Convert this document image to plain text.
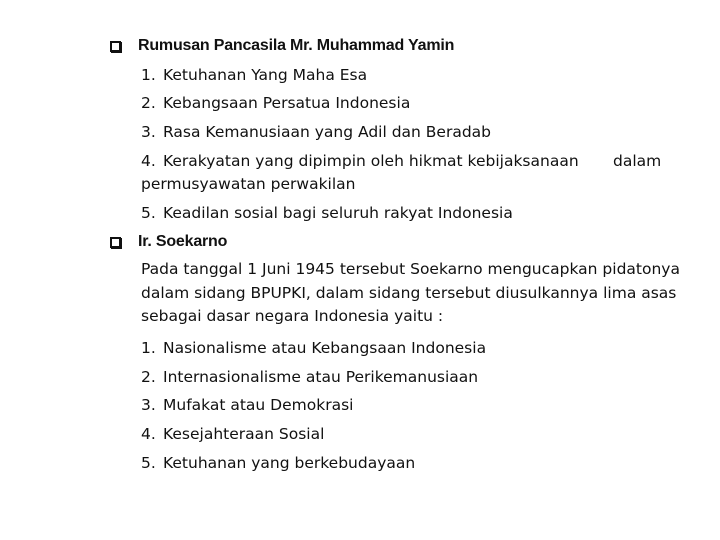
Rumusan Pancasila Mr. Muhammad Yamin
1. Ketuhanan Yang Maha Esa
2. Kebangsaan Persatua Indonesia
3. Rasa Kemanusiaan yang Adil dan Beradab
4. Kerakyatan yang dipimpin oleh hikmat kebijaksanaan dalam
permusyawatan perwakilan
5. Keadilan sosial bagi seluruh rakyat Indonesia
Ir. Soekarno
Pada tanggal 1 Juni 1945 tersebut Soekarno mengucapkan pidatonya dalam sidang BPUPKI, dalam sidang tersebut diusulkannya lima asas sebagai dasar negara Indonesia yaitu :
1. Nasionalisme atau Kebangsaan Indonesia
2. Internasionalisme atau Perikemanusiaan
3. Mufakat atau Demokrasi
4. Kesejahteraan Sosial
5. Ketuhanan yang berkebudayaan
